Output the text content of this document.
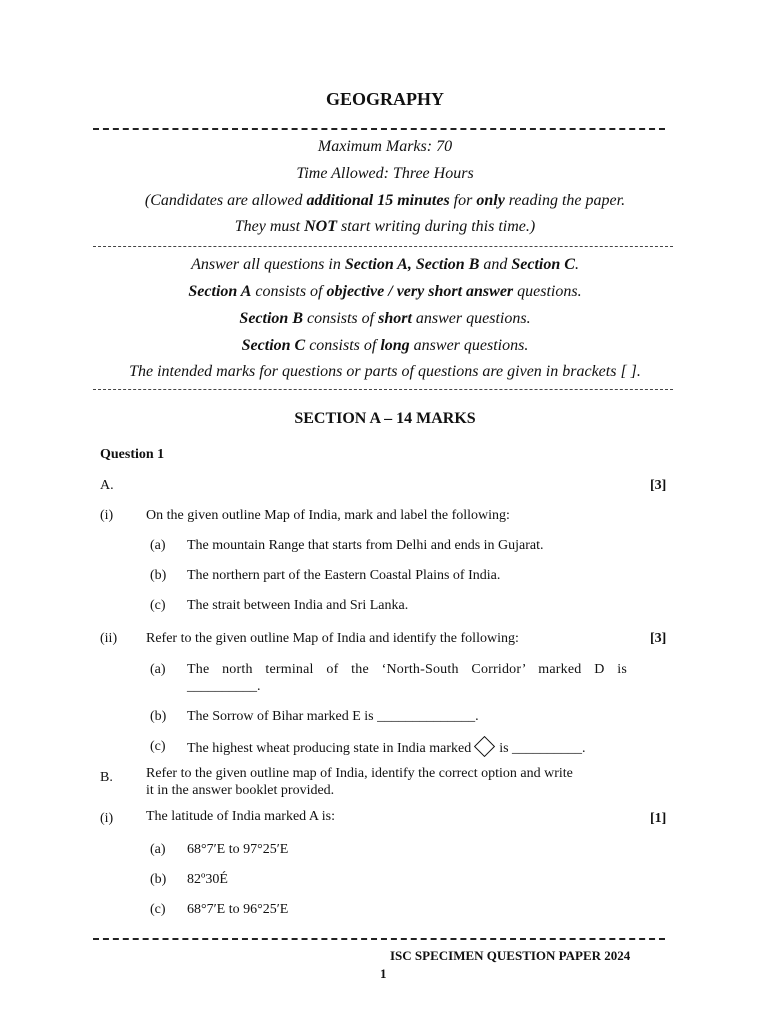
GEOGRAPHY
Maximum Marks: 70
Time Allowed: Three Hours
(Candidates are allowed additional 15 minutes for only reading the paper.
They must NOT start writing during this time.)
Answer all questions in Section A, Section B and Section C.
Section A consists of objective / very short answer questions.
Section B consists of short answer questions.
Section C consists of long answer questions.
The intended marks for questions or parts of questions are given in brackets [ ].
SECTION A – 14 MARKS
Question 1
A.	[3]
(i) On the given outline Map of India, mark and label the following:
(a) The mountain Range that starts from Delhi and ends in Gujarat.
(b) The northern part of the Eastern Coastal Plains of India.
(c) The strait between India and Sri Lanka.
(ii) Refer to the given outline Map of India and identify the following:	[3]
(a) The north terminal of the ‘North-South Corridor’ marked D is
__________.
(b) The Sorrow of Bihar marked E is ______________.
(c) The highest wheat producing state in India marked is __________.
B. Refer to the given outline map of India, identify the correct option and write
it in the answer booklet provided.
(i) The latitude of India marked A is:	[1]
(a) 68°7′E to 97°25′E
(b) 82º30É
(c) 68°7′E to 96°25′E
ISC SPECIMEN QUESTION PAPER 2024
1
